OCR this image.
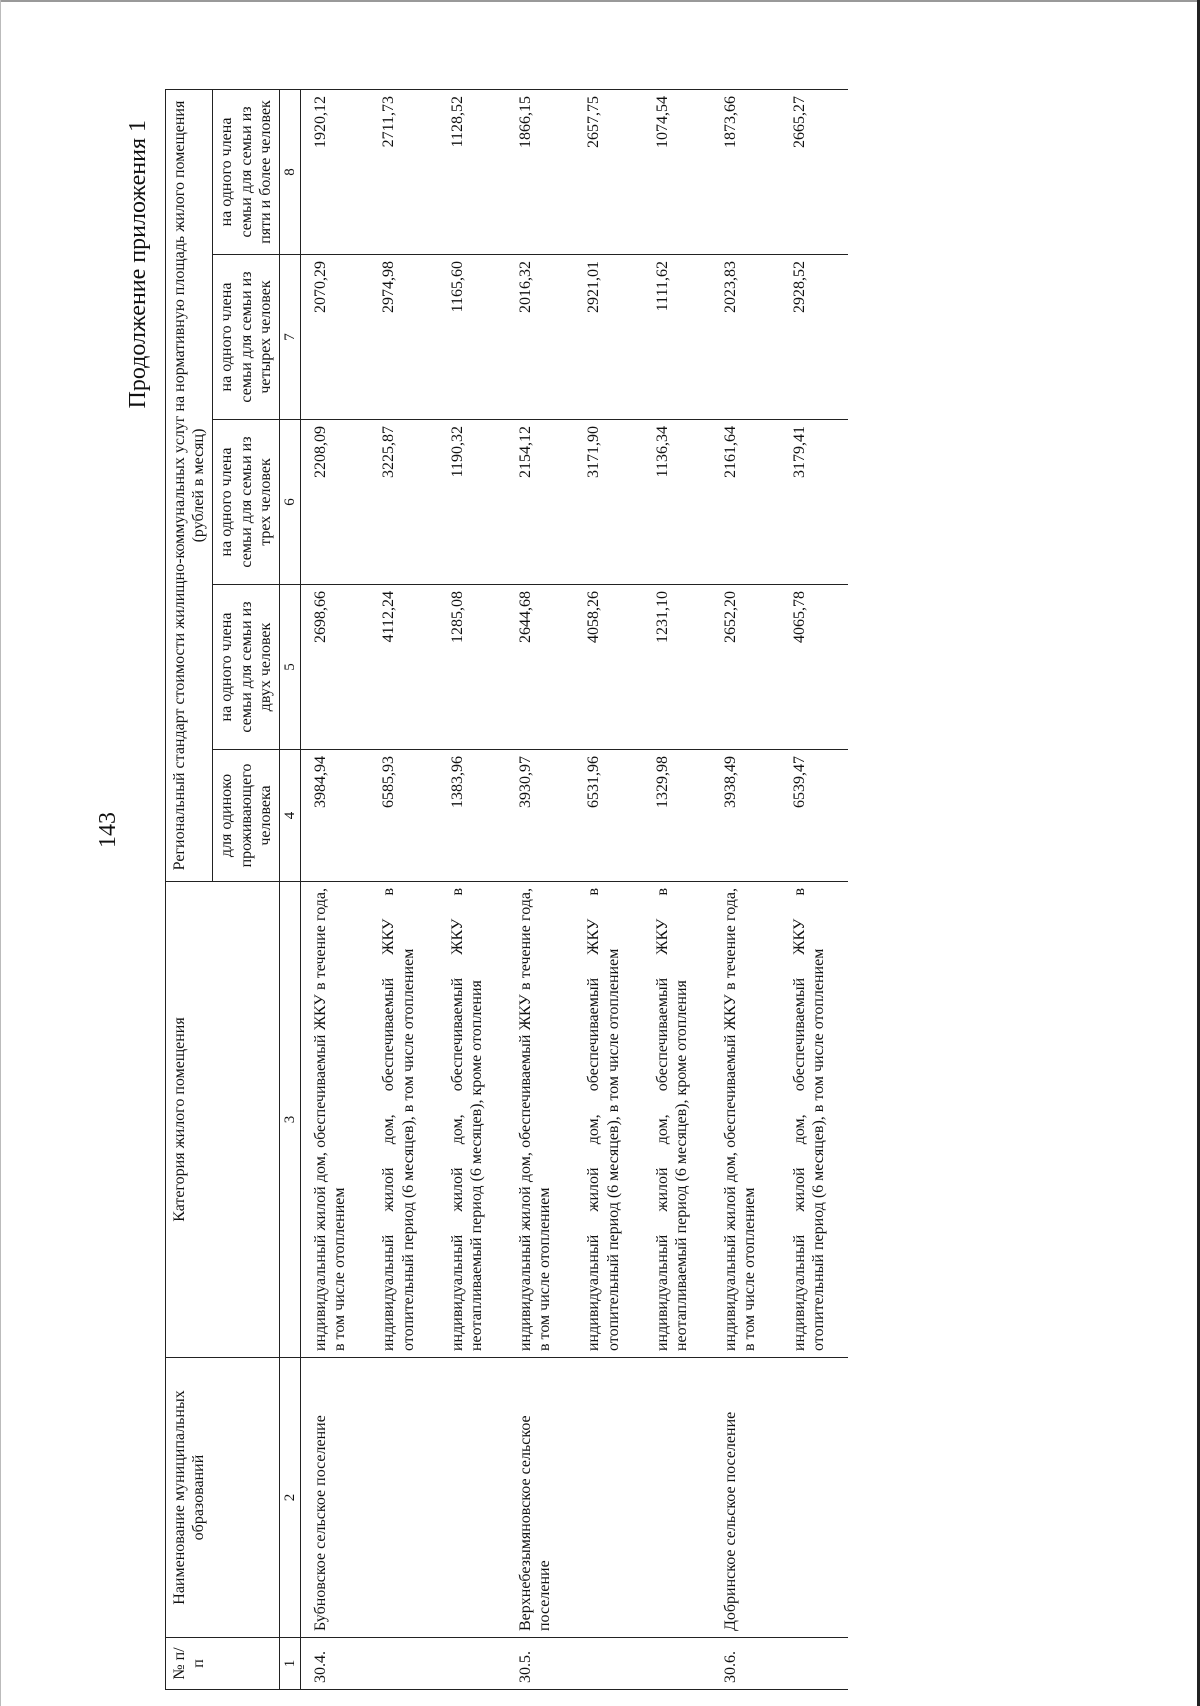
143
Продолжение приложения 1
№ п/п	Наименование муниципальных образований	Категория жилого помещения	Региональный стандарт стоимости жилищно-коммунальных услуг на нормативную площадь жилого помещения (рублей в месяц)				
			для одиноко проживающего человека	на одного члена семьи для семьи из двух человек	на одного члена семьи для семьи из трех человек	на одного члена семьи для семьи из четырех человек	на одного члена семьи для семьи из пяти и более человек
1	2	3	4	5	6	7	8
30.4.	Бубновское сельское поселение	индивидуальный жилой дом, обеспечиваемый ЖКУ в течение года, в том числе отоплением	3984,94	2698,66	2208,09	2070,29	1920,12
		индивидуальный жилой дом, обеспечиваемый ЖКУ в отопительный период (6 месяцев), в том числе отоплением	6585,93	4112,24	3225,87	2974,98	2711,73
		индивидуальный жилой дом, обеспечиваемый ЖКУ в неотапливаемый период (6 месяцев), кроме отопления	1383,96	1285,08	1190,32	1165,60	1128,52
30.5.	Верхнебезымяновское сельское поселение	индивидуальный жилой дом, обеспечиваемый ЖКУ в течение года, в том числе отоплением	3930,97	2644,68	2154,12	2016,32	1866,15
		индивидуальный жилой дом, обеспечиваемый ЖКУ в отопительный период (6 месяцев), в том числе отоплением	6531,96	4058,26	3171,90	2921,01	2657,75
		индивидуальный жилой дом, обеспечиваемый ЖКУ в неотапливаемый период (6 месяцев), кроме отопления	1329,98	1231,10	1136,34	1111,62	1074,54
30.6.	Добринское сельское поселение	индивидуальный жилой дом, обеспечиваемый ЖКУ в течение года, в том числе отоплением	3938,49	2652,20	2161,64	2023,83	1873,66
		индивидуальный жилой дом, обеспечиваемый ЖКУ в отопительный период (6 месяцев), в том числе отоплением	6539,47	4065,78	3179,41	2928,52	2665,27
